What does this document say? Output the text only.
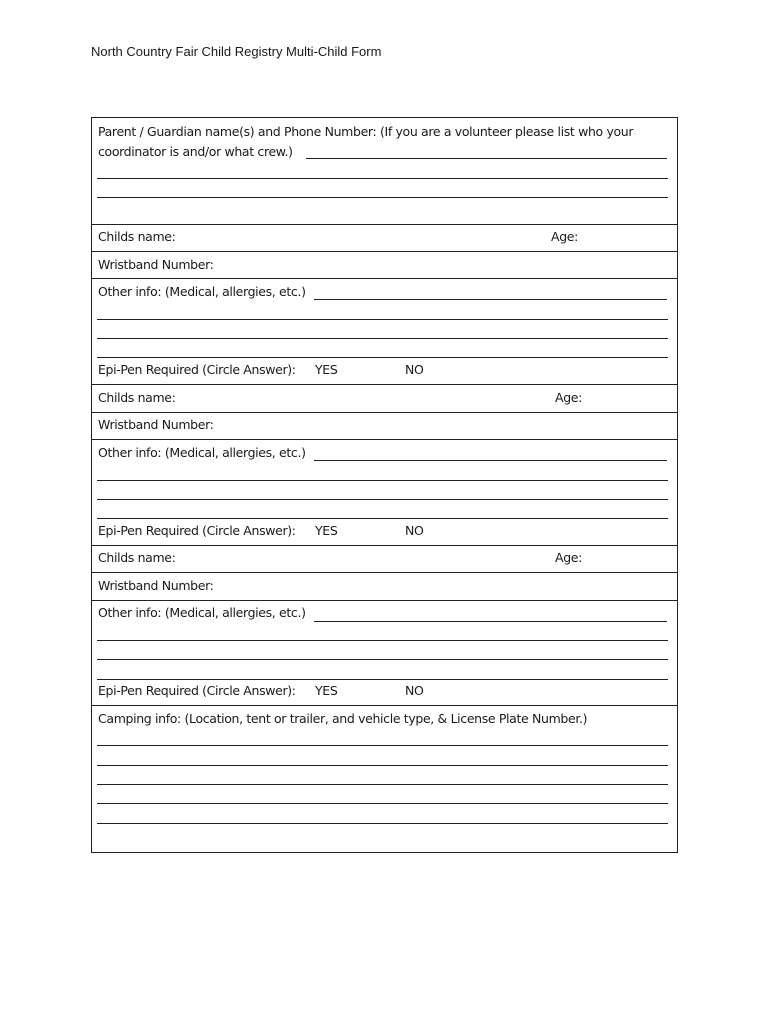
North Country Fair Child Registry Multi-Child Form
Parent / Guardian name(s) and Phone Number: (If you are a volunteer please list who your
coordinator is and/or what crew.)
Childs name:	Age:
Wristband Number:
Other info: (Medical, allergies, etc.)
Epi-Pen Required (Circle Answer): YES	NO
Childs name:	Age:
Wristband Number:
Other info: (Medical, allergies, etc.)
Epi-Pen Required (Circle Answer): YES	NO
Childs name:	Age:
Wristband Number:
Other info: (Medical, allergies, etc.)
Epi-Pen Required (Circle Answer): YES	NO
Camping info: (Location, tent or trailer, and vehicle type, & License Plate Number.)
